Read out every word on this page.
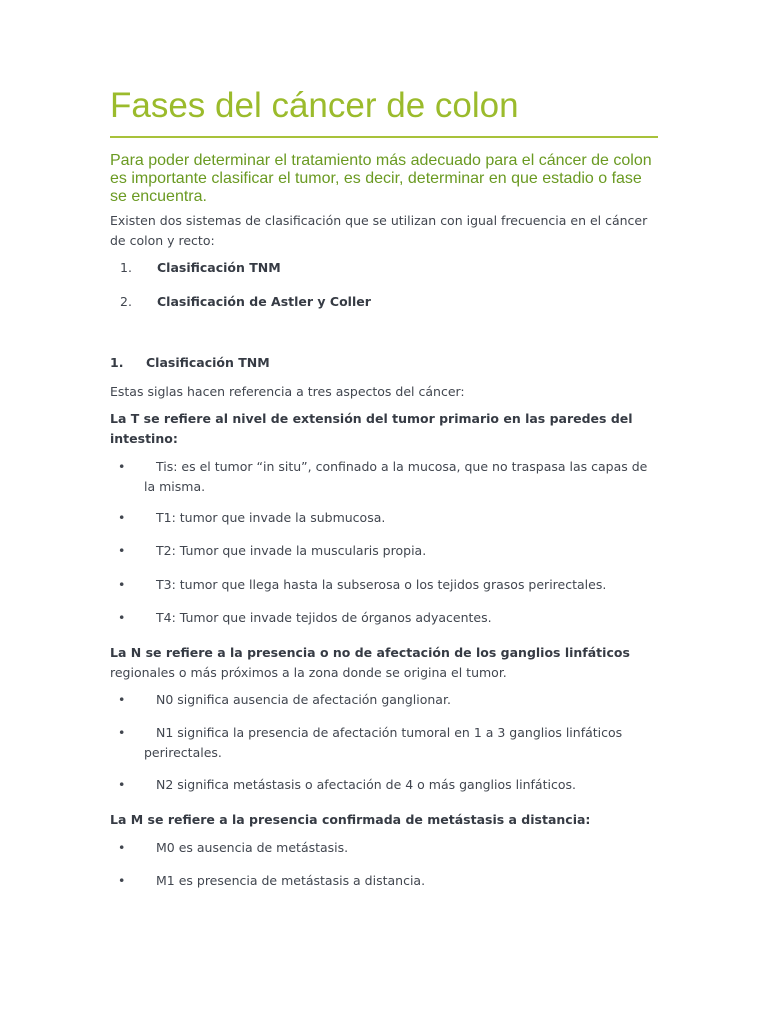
Fases del cáncer de colon

Para poder determinar el tratamiento más adecuado para el cáncer de colon es importante clasificar el tumor, es decir, determinar en que estadio o fase se encuentra.

Existen dos sistemas de clasificación que se utilizan con igual frecuencia en el cáncer de colon y recto:

1. Clasificación TNM
2. Clasificación de Astler y Coller
1. Clasificación TNM

Estas siglas hacen referencia a tres aspectos del cáncer:

La T se refiere al nivel de extensión del tumor primario en las paredes del intestino:

•	Tis: es el tumor “in situ”, confinado a la mucosa, que no traspasa las capas de la misma.
•	T1: tumor que invade la submucosa.
•	T2: Tumor que invade la muscularis propia.
•	T3: tumor que llega hasta la subserosa o los tejidos grasos perirectales.
•	T4: Tumor que invade tejidos de órganos adyacentes.

La N se refiere a la presencia o no de afectación de los ganglios linfáticos regionales o más próximos a la zona donde se origina el tumor.

•	N0 significa ausencia de afectación ganglionar.
•	N1 significa la presencia de afectación tumoral en 1 a 3 ganglios linfáticos perirectales.
•	N2 significa metástasis o afectación de 4 o más ganglios linfáticos.

La M se refiere a la presencia confirmada de metástasis a distancia:

•	M0 es ausencia de metástasis.
•	M1 es presencia de metástasis a distancia.
